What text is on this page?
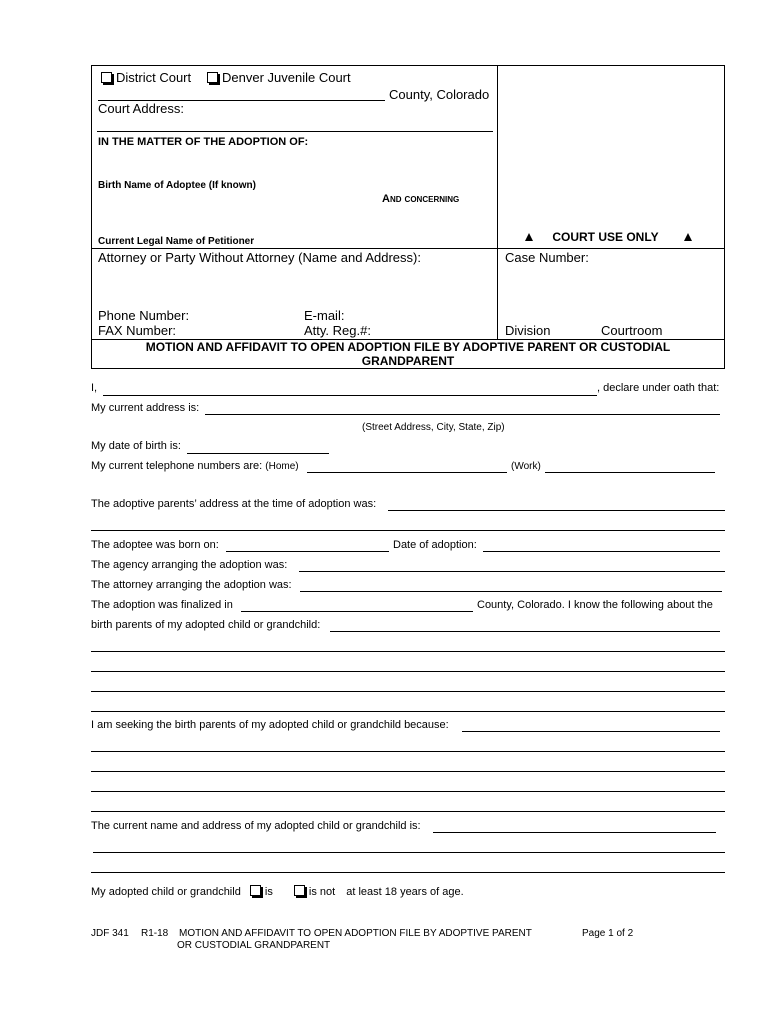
District Court	Denver Juvenile Court
County, Colorado
Court Address:
IN THE MATTER OF THE ADOPTION OF:
Birth Name of Adoptee (If known)
And concerning
Current Legal Name of Petitioner	COURT USE ONLY
Attorney or Party Without Attorney (Name and Address):	Case Number:
Phone Number:	E-mail:
FAX Number:	Atty. Reg.#:	Division	Courtroom
MOTION AND AFFIDAVIT TO OPEN ADOPTION FILE BY ADOPTIVE PARENT OR CUSTODIAL
GRANDPARENT
I,	, declare under oath that:
My current address is:
(Street Address, City, State, Zip)
My date of birth is:
My current telephone numbers are: (Home)	(Work)
The adoptive parents’ address at the time of adoption was:
The adoptee was born on:	Date of adoption:
The agency arranging the adoption was:
The attorney arranging the adoption was:
The adoption was finalized in	County, Colorado. I know the following about the
birth parents of my adopted child or grandchild:
I am seeking the birth parents of my adopted child or grandchild because:
The current name and address of my adopted child or grandchild is:
My adopted child or grandchild is	is not at least 18 years of age.
JDF 341 R1-18 MOTION AND AFFIDAVIT TO OPEN ADOPTION FILE BY ADOPTIVE PARENT
OR CUSTODIAL GRANDPARENT
Page 1 of 2
